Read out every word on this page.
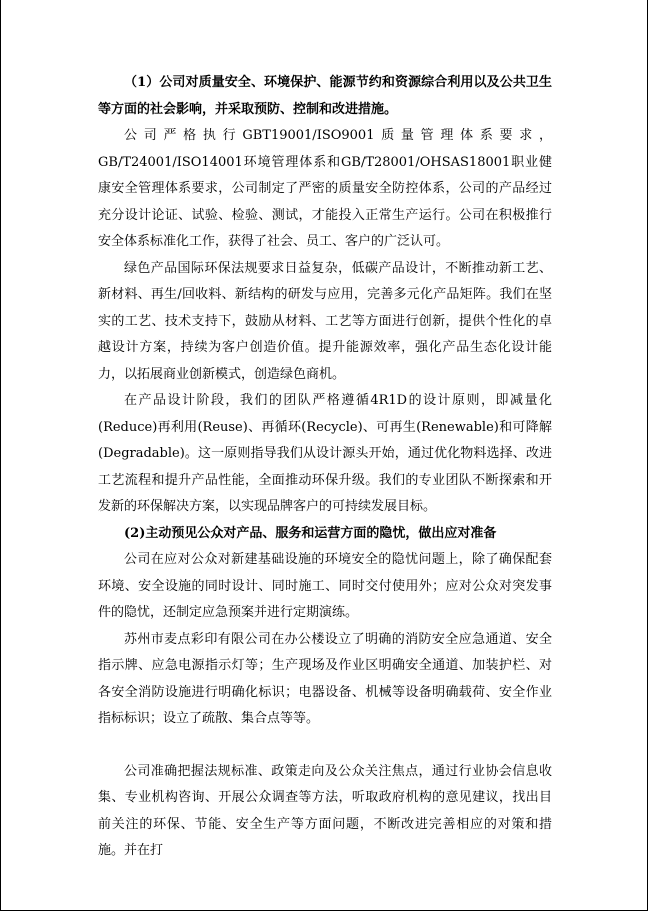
（1）公司对质量安全、环境保护、能源节约和资源综合利用以及公共卫生等方面的社会影响，并采取预防、控制和改进措施。

公司严格执行GBT19001/ISO9001质量管理体系要求，GB/T24001/ISO14001环境管理体系和GB/T28001/OHSAS18001职业健康安全管理体系要求，公司制定了严密的质量安全防控体系，公司的产品经过充分设计论证、试验、检验、测试，才能投入正常生产运行。公司在积极推行安全体系标准化工作，获得了社会、员工、客户的广泛认可。

绿色产品国际环保法规要求日益复杂，低碳产品设计，不断推动新工艺、新材料、再生/回收料、新结构的研发与应用，完善多元化产品矩阵。我们在坚实的工艺、技术支持下，鼓励从材料、工艺等方面进行创新，提供个性化的卓越设计方案，持续为客户创造价值。提升能源效率，强化产品生态化设计能力，以拓展商业创新模式，创造绿色商机。

在产品设计阶段，我们的团队严格遵循4R1D的设计原则，即减量化(Reduce)再利用(Reuse)、再循环(Recycle)、可再生(Renewable)和可降解(Degradable)。这一原则指导我们从设计源头开始，通过优化物料选择、改进工艺流程和提升产品性能，全面推动环保升级。我们的专业团队不断探索和开发新的环保解决方案，以实现品牌客户的可持续发展目标。

(2)主动预见公众对产品、服务和运营方面的隐忧，做出应对准备

公司在应对公众对新建基础设施的环境安全的隐忧问题上，除了确保配套环境、安全设施的同时设计、同时施工、同时交付使用外；应对公众对突发事件的隐忧，还制定应急预案并进行定期演练。

苏州市麦点彩印有限公司在办公楼设立了明确的消防安全应急通道、安全指示牌、应急电源指示灯等；生产现场及作业区明确安全通道、加装护栏、对各安全消防设施进行明确化标识；电器设备、机械等设备明确载荷、安全作业指标标识；设立了疏散、集合点等等。

公司准确把握法规标准、政策走向及公众关注焦点，通过行业协会信息收集、专业机构咨询、开展公众调查等方法，听取政府机构的意见建议，找出目前关注的环保、节能、安全生产等方面问题，不断改进完善相应的对策和措施。并在打
